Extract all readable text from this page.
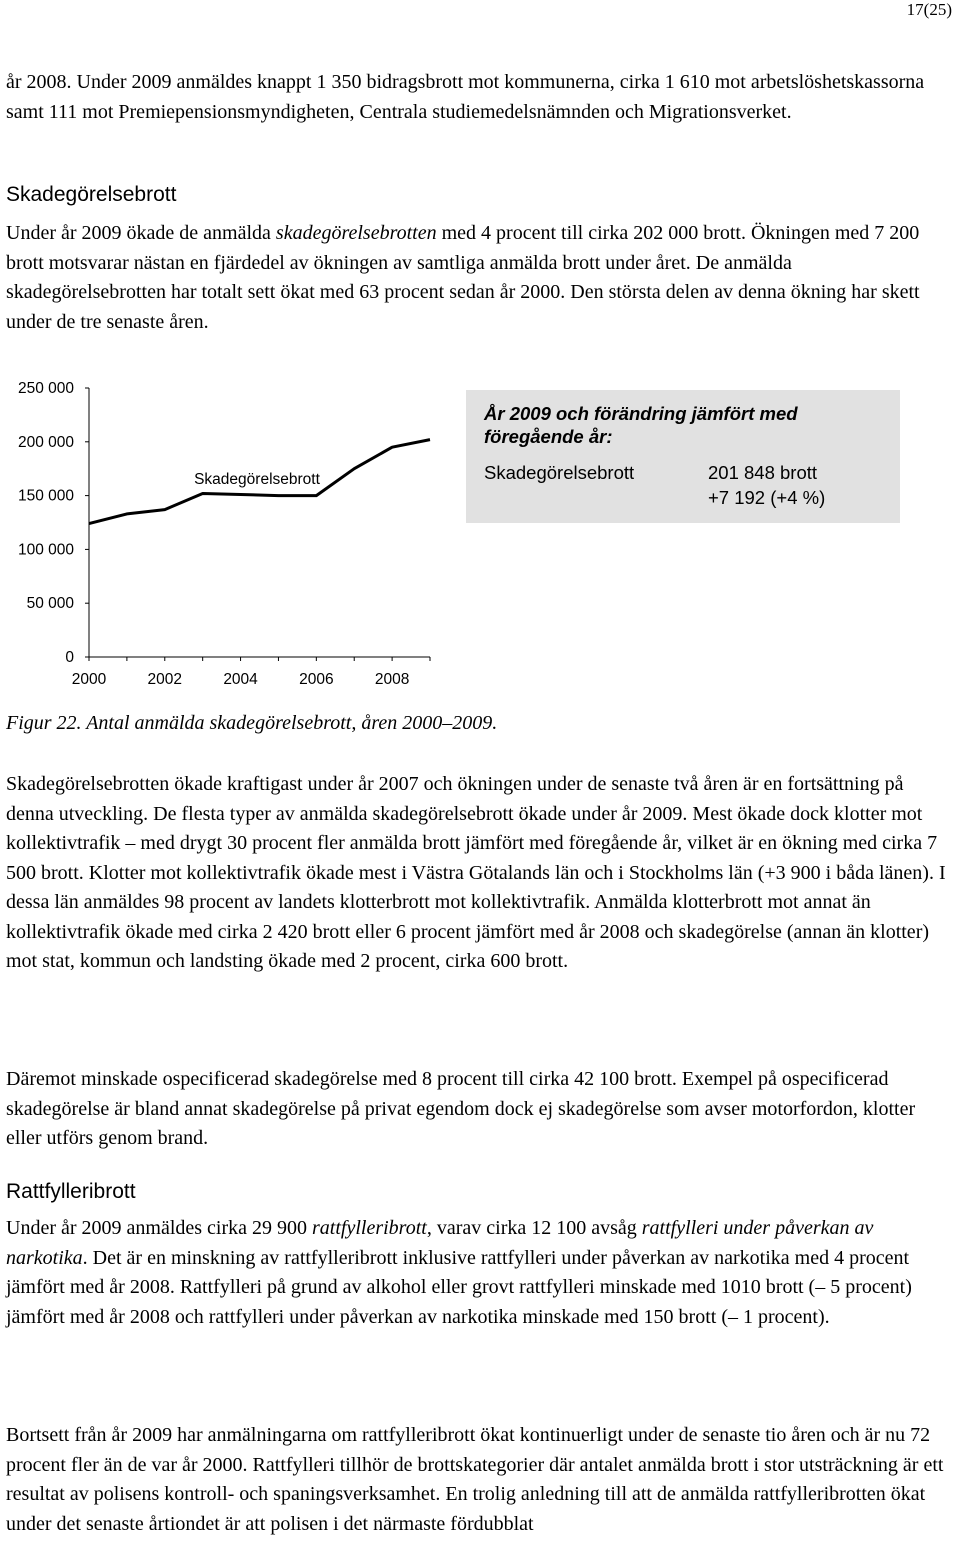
17(25)

år 2008. Under 2009 anmäldes knappt 1 350 bidragsbrott mot kommunerna, cirka 1 610 mot arbetslöshetskassorna samt 111 mot Premiepensionsmyndigheten, Centrala studiemedelsnämnden och Migrationsverket.

Skadegörelsebrott

Under år 2009 ökade de anmälda skadegörelsebrotten med 4 procent till cirka 202 000 brott. Ökningen med 7 200 brott motsvarar nästan en fjärdedel av ökningen av samtliga anmälda brott under året. De anmälda skadegörelsebrotten har totalt sett ökat med 63 procent sedan år 2000. Den största delen av denna ökning har skett under de tre senaste åren.

0
50 000
100 000
150 000
200 000
250 000
2000	2002	2004	2006	2008
Skadegörelsebrott
År 2009 och förändring jämfört med föregående år:
Skadegörelsebrott	201 848 brott
+7 192 (+4 %)

Figur 22. Antal anmälda skadegörelsebrott, åren 2000–2009.

Skadegörelsebrotten ökade kraftigast under år 2007 och ökningen under de senaste två åren är en fortsättning på denna utveckling. De flesta typer av anmälda skadegörelsebrott ökade under år 2009. Mest ökade dock klotter mot kollektivtrafik – med drygt 30 procent fler anmälda brott jämfört med föregående år, vilket är en ökning med cirka 7 500 brott. Klotter mot kollektivtrafik ökade mest i Västra Götalands län och i Stockholms län (+3 900 i båda länen). I dessa län anmäldes 98 procent av landets klotterbrott mot kollektivtrafik. Anmälda klotterbrott mot annat än kollektivtrafik ökade med cirka 2 420 brott eller 6 procent jämfört med år 2008 och skadegörelse (annan än klotter) mot stat, kommun och landsting ökade med 2 procent, cirka 600 brott.

Däremot minskade ospecificerad skadegörelse med 8 procent till cirka 42 100 brott. Exempel på ospecificerad skadegörelse är bland annat skadegörelse på privat egendom dock ej skadegörelse som avser motorfordon, klotter eller utförs genom brand.

Rattfylleribrott

Under år 2009 anmäldes cirka 29 900 rattfylleribrott, varav cirka 12 100 avsåg rattfylleri under påverkan av narkotika. Det är en minskning av rattfylleribrott inklusive rattfylleri under påverkan av narkotika med 4 procent jämfört med år 2008. Rattfylleri på grund av alkohol eller grovt rattfylleri minskade med 1010 brott (– 5 procent) jämfört med år 2008 och rattfylleri under påverkan av narkotika minskade med 150 brott (– 1 procent).

Bortsett från år 2009 har anmälningarna om rattfylleribrott ökat kontinuerligt under de senaste tio åren och är nu 72 procent fler än de var år 2000. Rattfylleri tillhör de brottskategorier där antalet anmälda brott i stor utsträckning är ett resultat av polisens kontroll- och spaningsverksamhet. En trolig anledning till att de anmälda rattfylleribrotten ökat under det senaste årtiondet är att polisen i det närmaste fördubblat
